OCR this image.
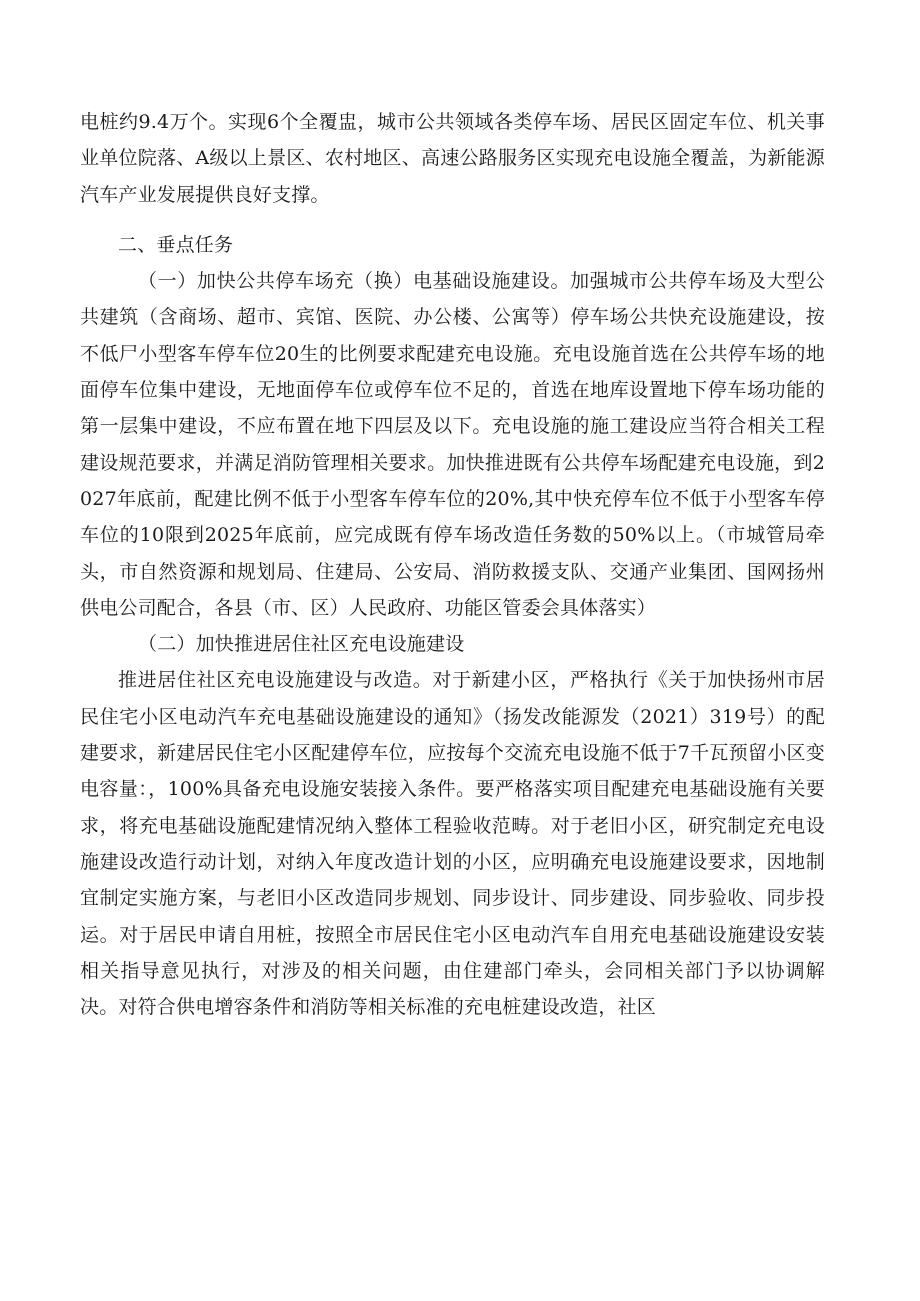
电桩约9.4万个。实现6个全覆盅，城市公共领域各类停车场、居民区固定车位、机关事业单位院落、A级以上景区、农村地区、高速公路服务区实现充电设施全覆盖，为新能源汽车产业发展提供良好支撑。

二、垂点任务

（一）加快公共停车场充（换）电基础设施建设。加强城市公共停车场及大型公共建筑（含商场、超市、宾馆、医院、办公楼、公寓等）停车场公共快充设施建设，按不低尸小型客车停车位20生的比例要求配建充电设施。充电设施首选在公共停车场的地面停车位集中建设，无地面停车位或停车位不足的，首选在地库设置地下停车场功能的第一层集中建设，不应布置在地下四层及以下。充电设施的施工建设应当符合相关工程建设规范要求，并满足消防管理相关要求。加快推进既有公共停车场配建充电设施，到2027年底前，配建比例不低于小型客车停车位的20%,其中快充停车位不低于小型客车停车位的10限到2025年底前，应完成既有停车场改造任务数的50%以上。（市城管局牵头，市自然资源和规划局、住建局、公安局、消防救援支队、交通产业集团、国网扬州供电公司配合，各县（市、区）人民政府、功能区管委会具体落实）

（二）加快推进居住社区充电设施建设

推进居住社区充电设施建设与改造。对于新建小区，严格执行《关于加快扬州市居民住宅小区电动汽车充电基础设施建设的通知》（扬发改能源发（2021）319号）的配建要求，新建居民住宅小区配建停车位，应按每个交流充电设施不低于7千瓦预留小区变电容量：，100%具备充电设施安装接入条件。要严格落实项目配建充电基础设施有关要求，将充电基础设施配建情况纳入整体工程验收范畴。对于老旧小区，研究制定充电设施建设改造行动计划，对纳入年度改造计划的小区，应明确充电设施建设要求，因地制宜制定实施方案，与老旧小区改造同步规划、同步设计、同步建设、同步验收、同步投运。对于居民申请自用桩，按照全市居民住宅小区电动汽车自用充电基础设施建设安装相关指导意见执行，对涉及的相关问题，由住建部门牵头，会同相关部门予以协调解决。对符合供电增容条件和消防等相关标准的充电桩建设改造，社区
